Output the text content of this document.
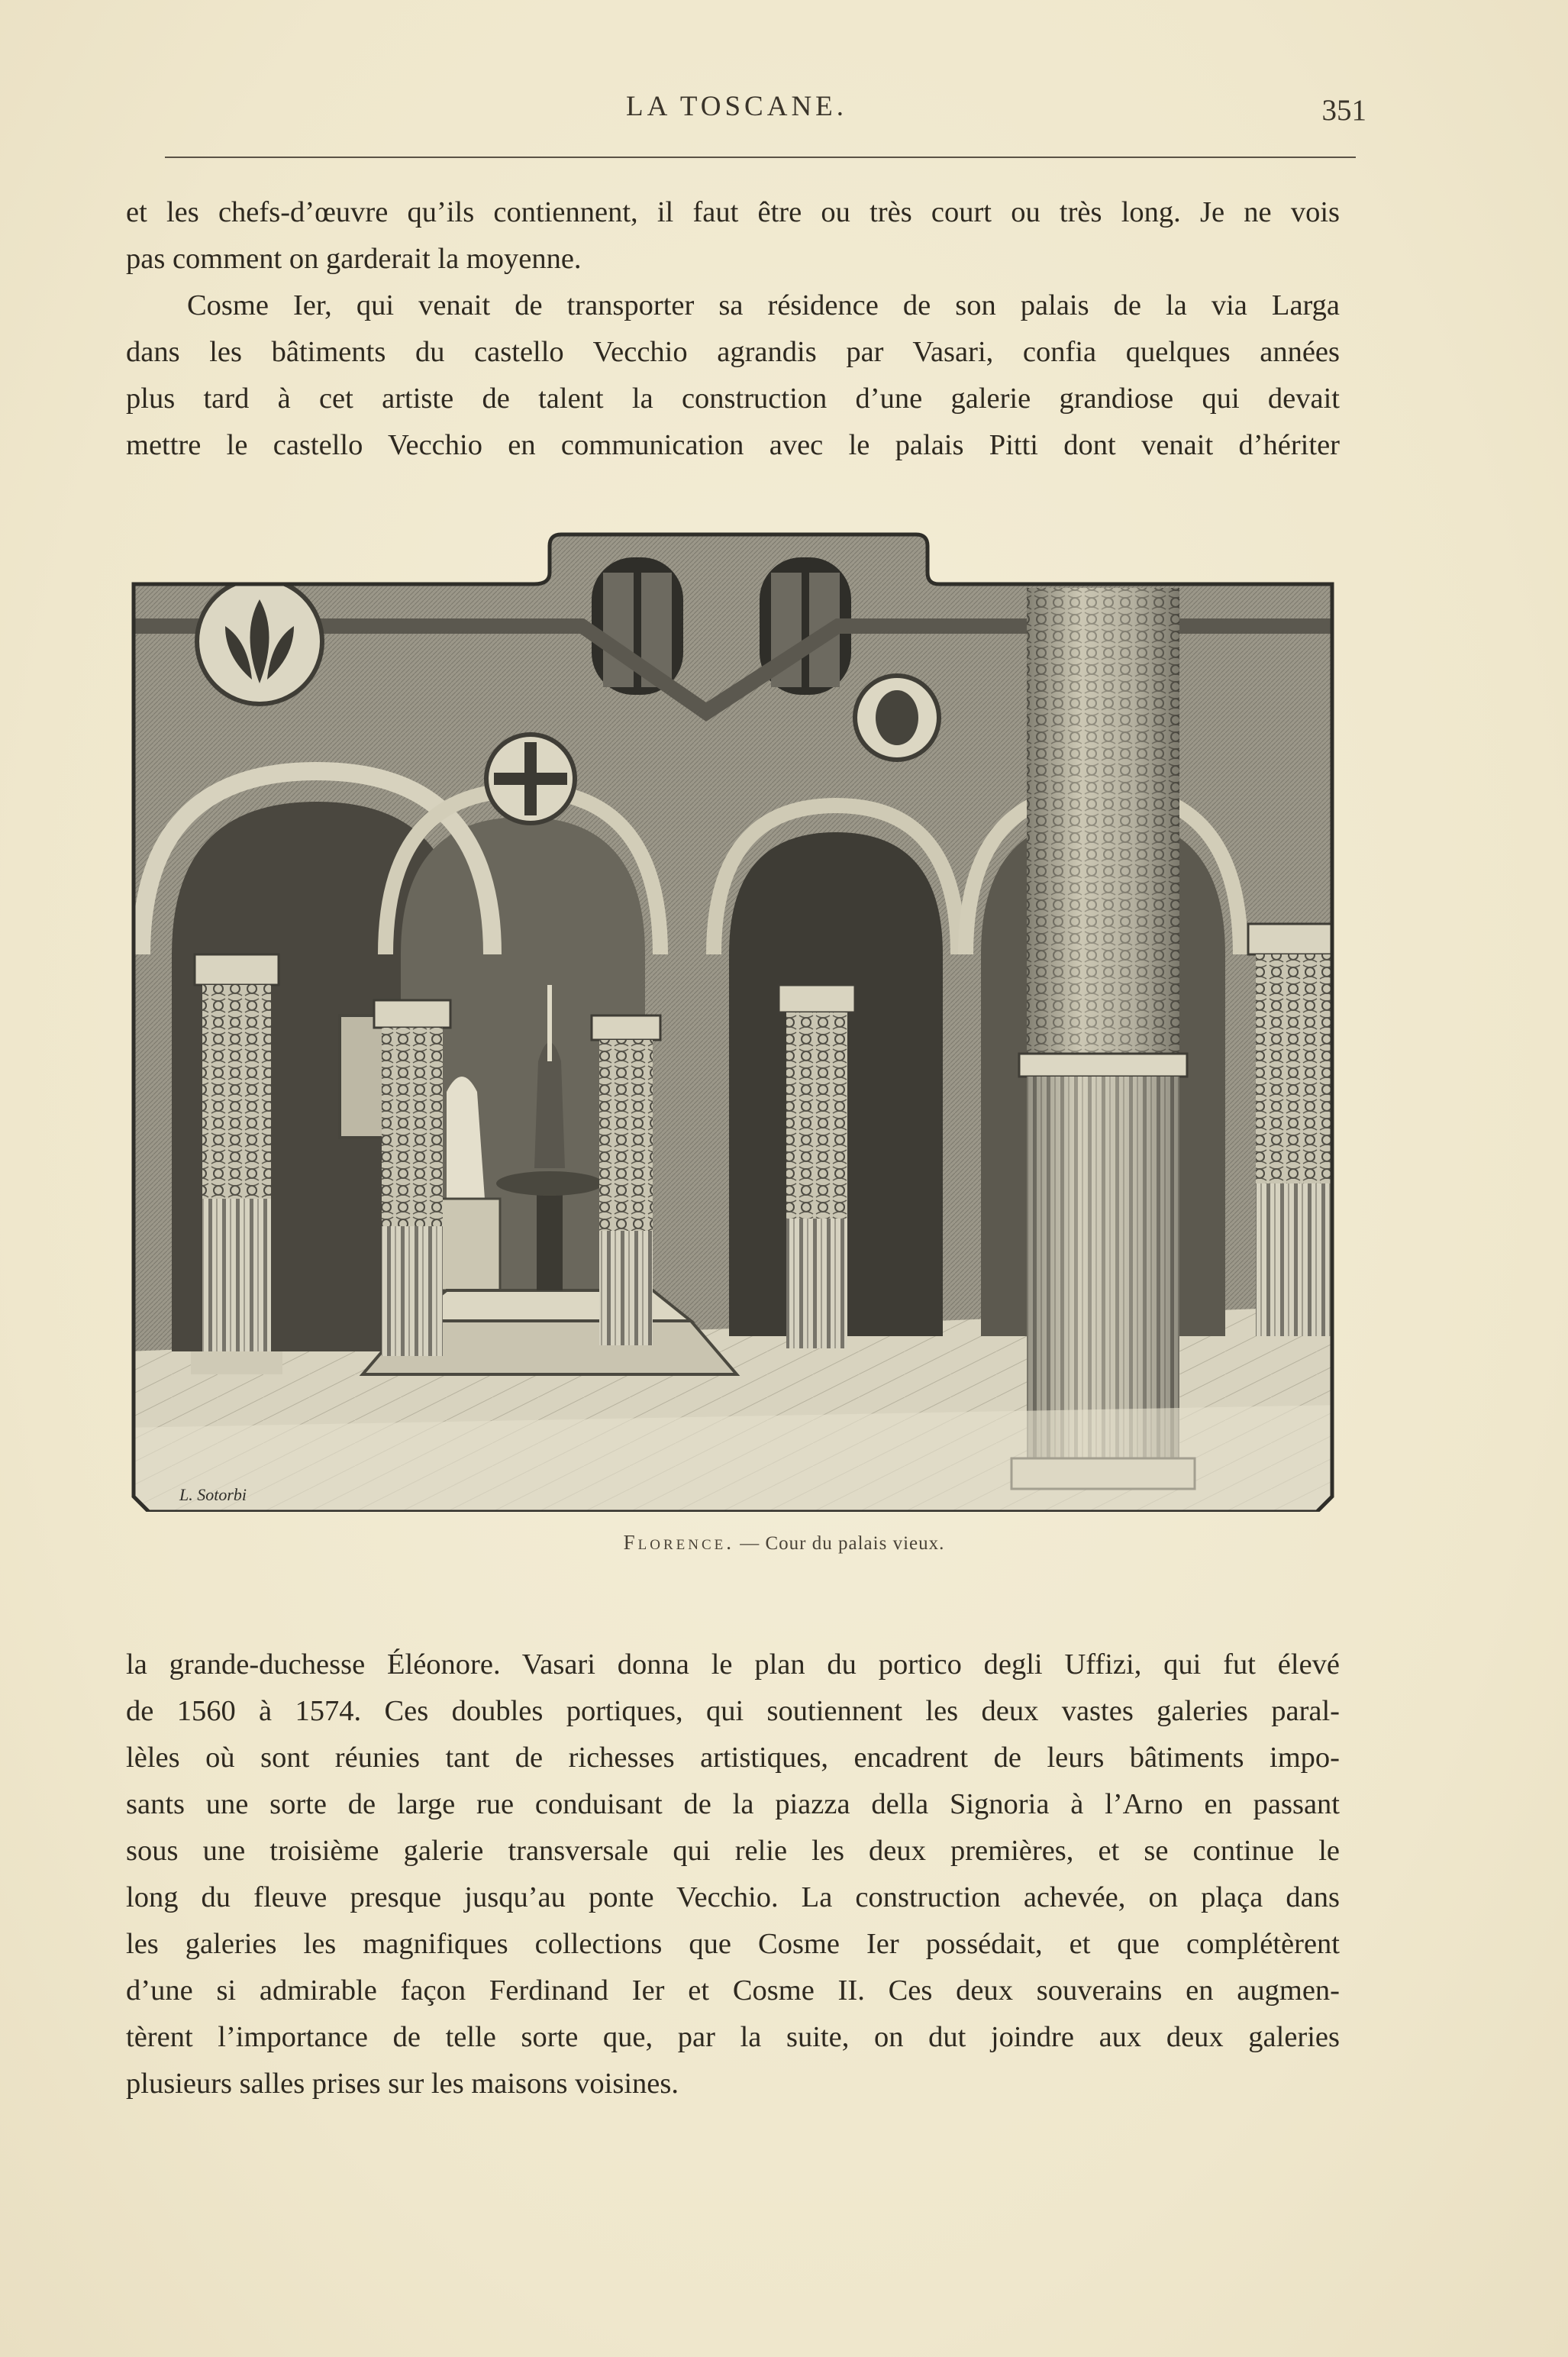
LA TOSCANE.	351
et les chefs-d’œuvre qu’ils contiennent, il faut être ou très court ou très long. Je ne vois
pas comment on garderait la moyenne.
Cosme Ier, qui venait de transporter sa résidence de son palais de la via Larga
dans les bâtiments du castello Vecchio agrandis par Vasari, confia quelques années
plus tard à cet artiste de talent la construction d’une galerie grandiose qui devait
mettre le castello Vecchio en communication avec le palais Pitti dont venait d’hériter
L. Sotorbi
Florence. — Cour du palais vieux.
la grande-duchesse Éléonore. Vasari donna le plan du portico degli Uffizi, qui fut élevé
de 1560 à 1574. Ces doubles portiques, qui soutiennent les deux vastes galeries paral-
lèles où sont réunies tant de richesses artistiques, encadrent de leurs bâtiments impo-
sants une sorte de large rue conduisant de la piazza della Signoria à l’Arno en passant
sous une troisième galerie transversale qui relie les deux premières, et se continue le
long du fleuve presque jusqu’au ponte Vecchio. La construction achevée, on plaça dans
les galeries les magnifiques collections que Cosme Ier possédait, et que complétèrent
d’une si admirable façon Ferdinand Ier et Cosme II. Ces deux souverains en augmen-
tèrent l’importance de telle sorte que, par la suite, on dut joindre aux deux galeries
plusieurs salles prises sur les maisons voisines.
